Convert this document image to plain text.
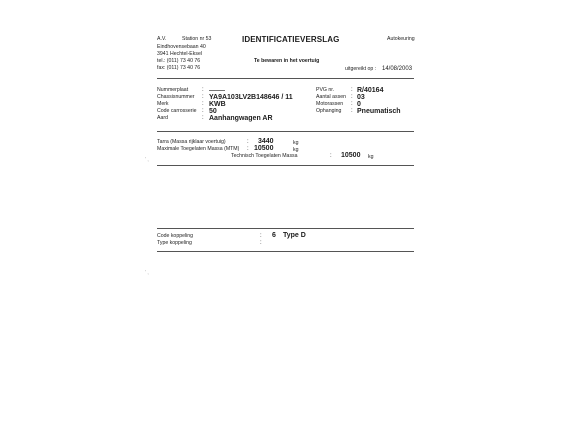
' ,
' ,
A.V.	Station nr 53
Eindhovensebaan 40
3941 Hechtel-Eksel
tel.: (011) 73 40 76
fax: (011) 73 40 76
IDENTIFICATIEVERSLAG	Autokeuring
Te bewaren in het voertuig
uitgereikt op : 14/08/2003
Nummerplaat
Chassisnummer
Merk
Code carrosserie
Aard
:
:
:
:
:
YA9A103LV2B148646 / 11
KWB
50
Aanhangwagen AR
PVG nr.
Aantal assen
Motorassen
Ophanging
:
:
:
:
R/40164
03
0
Pneumatisch
Tarra (Massa rijklaar voertuig)
Maximale Toegelaten Massa (MTM)
Technisch Toegelaten Massa
:
:
:
3440
10500
10500
kg
kg
kg
Code koppeling
Type koppeling
:
:
6 Type D
